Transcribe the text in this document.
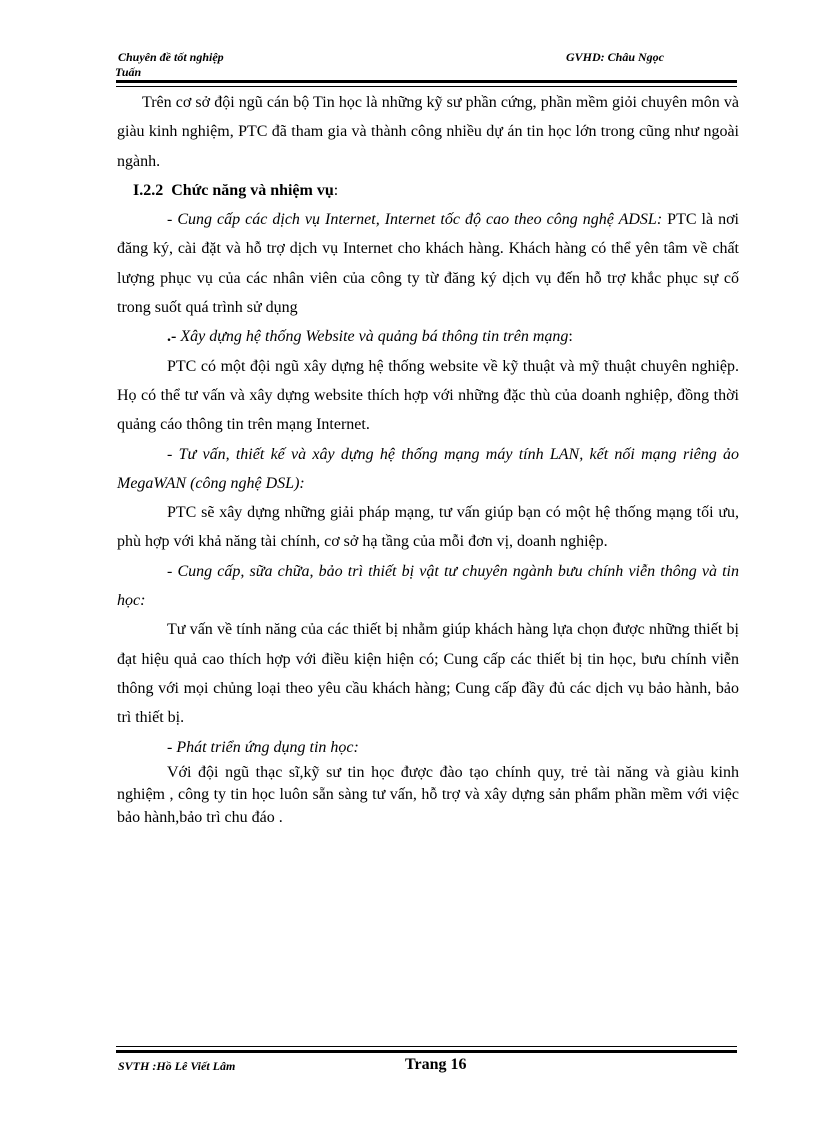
Chuyên đề tốt nghiệp
Tuấn
GVHD: Châu Ngọc

Trên cơ sở đội ngũ cán bộ Tin học là những kỹ sư phần cứng, phần mềm giỏi chuyên môn và giàu kinh nghiệm, PTC đã tham gia và thành công nhiều dự án tin học lớn trong cũng như ngoài ngành.

I.2.2 Chức năng và nhiệm vụ:

- Cung cấp các dịch vụ Internet, Internet tốc độ cao theo công nghệ ADSL: PTC là nơi đăng ký, cài đặt và hỗ trợ dịch vụ Internet cho khách hàng. Khách hàng có thể yên tâm về chất lượng phục vụ của các nhân viên của công ty từ đăng ký dịch vụ đến hỗ trợ khắc phục sự cố trong suốt quá trình sử dụng

.- Xây dựng hệ thống Website và quảng bá thông tin trên mạng:

PTC có một đội ngũ xây dựng hệ thống website về kỹ thuật và mỹ thuật chuyên nghiệp. Họ có thể tư vấn và xây dựng website thích hợp với những đặc thù của doanh nghiệp, đồng thời quảng cáo thông tin trên mạng Internet.

- Tư vấn, thiết kế và xây dựng hệ thống mạng máy tính LAN, kết nối mạng riêng ảo MegaWAN (công nghệ DSL):

PTC sẽ xây dựng những giải pháp mạng, tư vấn giúp bạn có một hệ thống mạng tối ưu, phù hợp với khả năng tài chính, cơ sở hạ tầng của mỗi đơn vị, doanh nghiệp.

- Cung cấp, sữa chữa, bảo trì thiết bị vật tư chuyên ngành bưu chính viễn thông và tin học:

Tư vấn về tính năng của các thiết bị nhằm giúp khách hàng lựa chọn được những thiết bị đạt hiệu quả cao thích hợp với điều kiện hiện có; Cung cấp các thiết bị tin học, bưu chính viễn thông với mọi chủng loại theo yêu cầu khách hàng; Cung cấp đầy đủ các dịch vụ bảo hành, bảo trì thiết bị.

- Phát triển ứng dụng tin học:

Với đội ngũ thạc sĩ,kỹ sư tin học được đào tạo chính quy, trẻ tài năng và giàu kinh nghiệm , công ty tin học luôn sẵn sàng tư vấn, hỗ trợ và xây dựng sản phẩm phần mềm với việc bảo hành,bảo trì chu đáo .

SVTH :Hồ Lê Viết Lâm	Trang 16
